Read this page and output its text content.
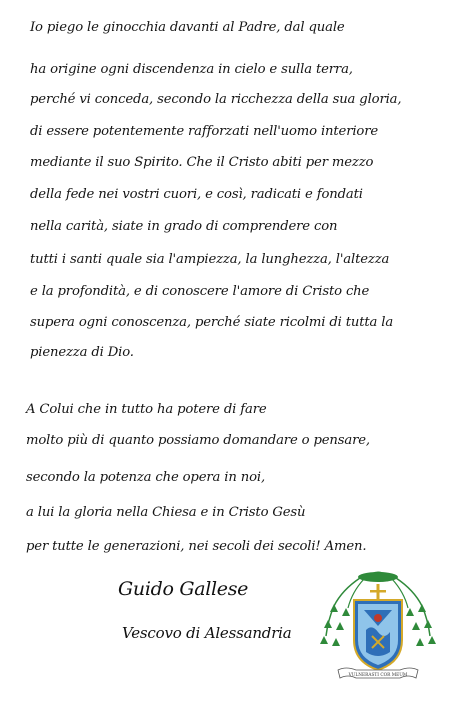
Io piego le ginocchia davanti al Padre, dal quale
ha origine ogni discendenza in cielo e sulla terra,
perché vi conceda, secondo la ricchezza della sua gloria,
di essere potentemente rafforzati nell'uomo interiore
mediante il suo Spirito. Che il Cristo abiti per mezzo
della fede nei vostri cuori, e così, radicati e fondati
nella carità, siate in grado di comprendere con
tutti i santi quale sia l'ampiezza, la lunghezza, l'altezza
e la profondità, e di conoscere l'amore di Cristo che
supera ogni conoscenza, perché siate ricolmi di tutta la
pienezza di Dio.
A Colui che in tutto ha potere di fare
molto più di quanto possiamo domandare o pensare,
secondo la potenza che opera in noi,
a lui la gloria nella Chiesa e in Cristo Gesù
per tutte le generazioni, nei secoli dei secoli! Amen.
Guido Gallese
Vescovo di Alessandria
VULNERASTI COR MEUM
